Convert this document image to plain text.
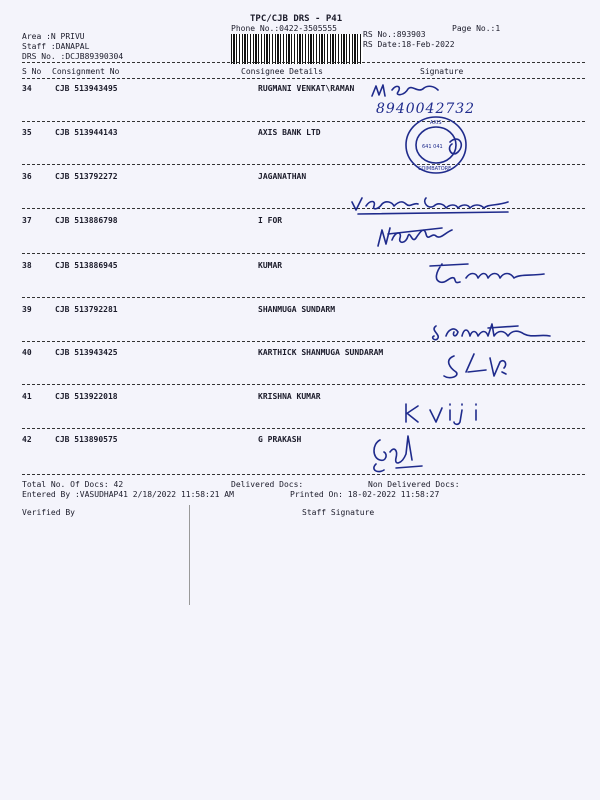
TPC/CJB DRS - P41
Phone No.:0422-3505555
RS No.:893903
Page No.:1
Area :N PRIVU
Staff :DANAPAL
DRS No. :DCJB89390304
RS Date:18-Feb-2022
S No Consignment No	Consignee Details	Signature
34	CJB 513943495	RUGMANI VENKAT\RAMAN
35	CJB 513944143	AXIS BANK LTD
36	CJB 513792272	JAGANATHAN
37	CJB 513886798	I FOR
38	CJB 513886945	KUMAR
39	CJB 513792281	SHANMUGA SUNDARM
40	CJB 513943425	KARTHICK SHANMUGA SUNDARAM
41	CJB 513922018	KRISHNA KUMAR
42	CJB 513890575	G PRAKASH
8940042732
AXIS
641 041
COIMBATORE
Total No. Of Docs: 42	Delivered Docs:	Non Delivered Docs:
Entered By :VASUDHAP41 2/18/2022 11:58:21 AM	Printed On: 18-02-2022 11:58:27
Verified By	Staff Signature
